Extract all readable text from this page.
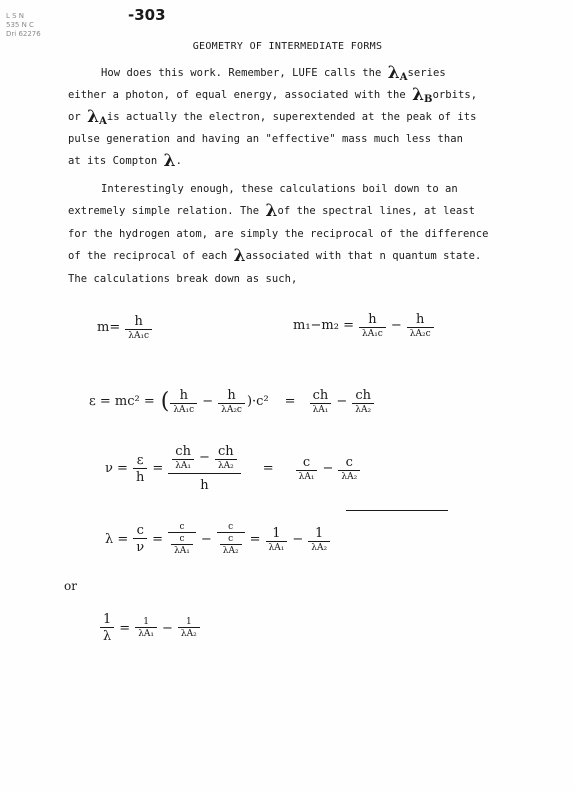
L S N
535 N C
Dri 62276
-303
GEOMETRY OF INTERMEDIATE FORMS
How does this work. Remember, LUFE calls the λAseries
either a photon, of equal energy, associated with the λBorbits,
or λAis actually the electron, superextended at the peak of its
pulse generation and having an "effective" mass much less than
at its Compton λ.
Interestingly enough, these calculations boil down to an
extremely simple relation. The λof the spectral lines, at least
for the hydrogen atom, are simply the reciprocal of the difference
of the reciprocal of each λassociated with that n quantum state.
The calculations break down as such,
$m= \frac{h}{\text{λA₁c}}$	$m_1-m_2 = \frac{h}{\text{λA₁c}} - \frac{h}{\text{λA₂c}}$
ε = mc² = ( $\frac{h}{\text{λA₁c}} - \frac{h}{\text{λA₂c}} )\cdot c^2 = \frac{ch}{\text{λA₁}} - \frac{ch}{\text{λA₂}}$
$\nu = \frac{\varepsilon}{h} = \frac{ch}{\text{λA₁}} - \frac{ch}{\text{λA₂}}$
h
= $\frac{c}{\text{λA₁}} - \frac{c}{\text{λA₂}}$
$\lambda = \frac{c}{\nu} = \frac{c}{\frac{c}{\text{λA₁}}} - \frac{c}{\frac{c}{\text{λA₂}}} = \frac{1}{\text{λA₁}} - \frac{1}{\text{λA₂}}$
or
$\frac{1}{\lambda} = \frac{1}{\text{λA₁}} - \frac{1}{\text{λA₂}}$
